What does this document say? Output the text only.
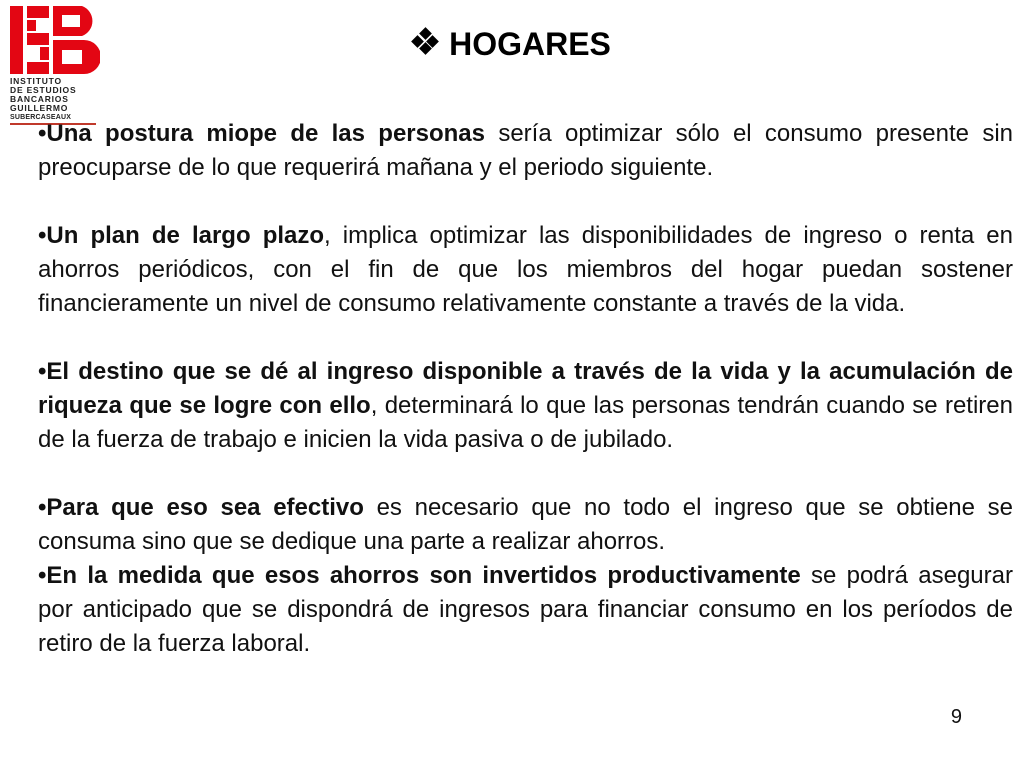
INSTITUTO
DE ESTUDIOS
BANCARIOS
GUILLERMO
SUBERCASEAUX
HOGARES

•Una postura miope de las personas sería optimizar sólo el consumo presente sin preocuparse de lo que requerirá mañana y el periodo siguiente.

•Un plan de largo plazo, implica optimizar las disponibilidades de ingreso o renta en ahorros periódicos, con el fin de que los miembros del hogar puedan sostener financieramente un nivel de consumo relativamente constante a través de la vida.

•El destino que se dé al ingreso disponible a través de la vida y la acumulación de riqueza que se logre con ello, determinará lo que las personas tendrán cuando se retiren de la fuerza de trabajo e inicien la vida pasiva o de jubilado.

•Para que eso sea efectivo es necesario que no todo el ingreso que se obtiene se consuma sino que se dedique una parte a realizar ahorros.

•En la medida que esos ahorros son invertidos productivamente se podrá asegurar por anticipado que se dispondrá de ingresos para financiar consumo en los períodos de retiro de la fuerza laboral.

9
